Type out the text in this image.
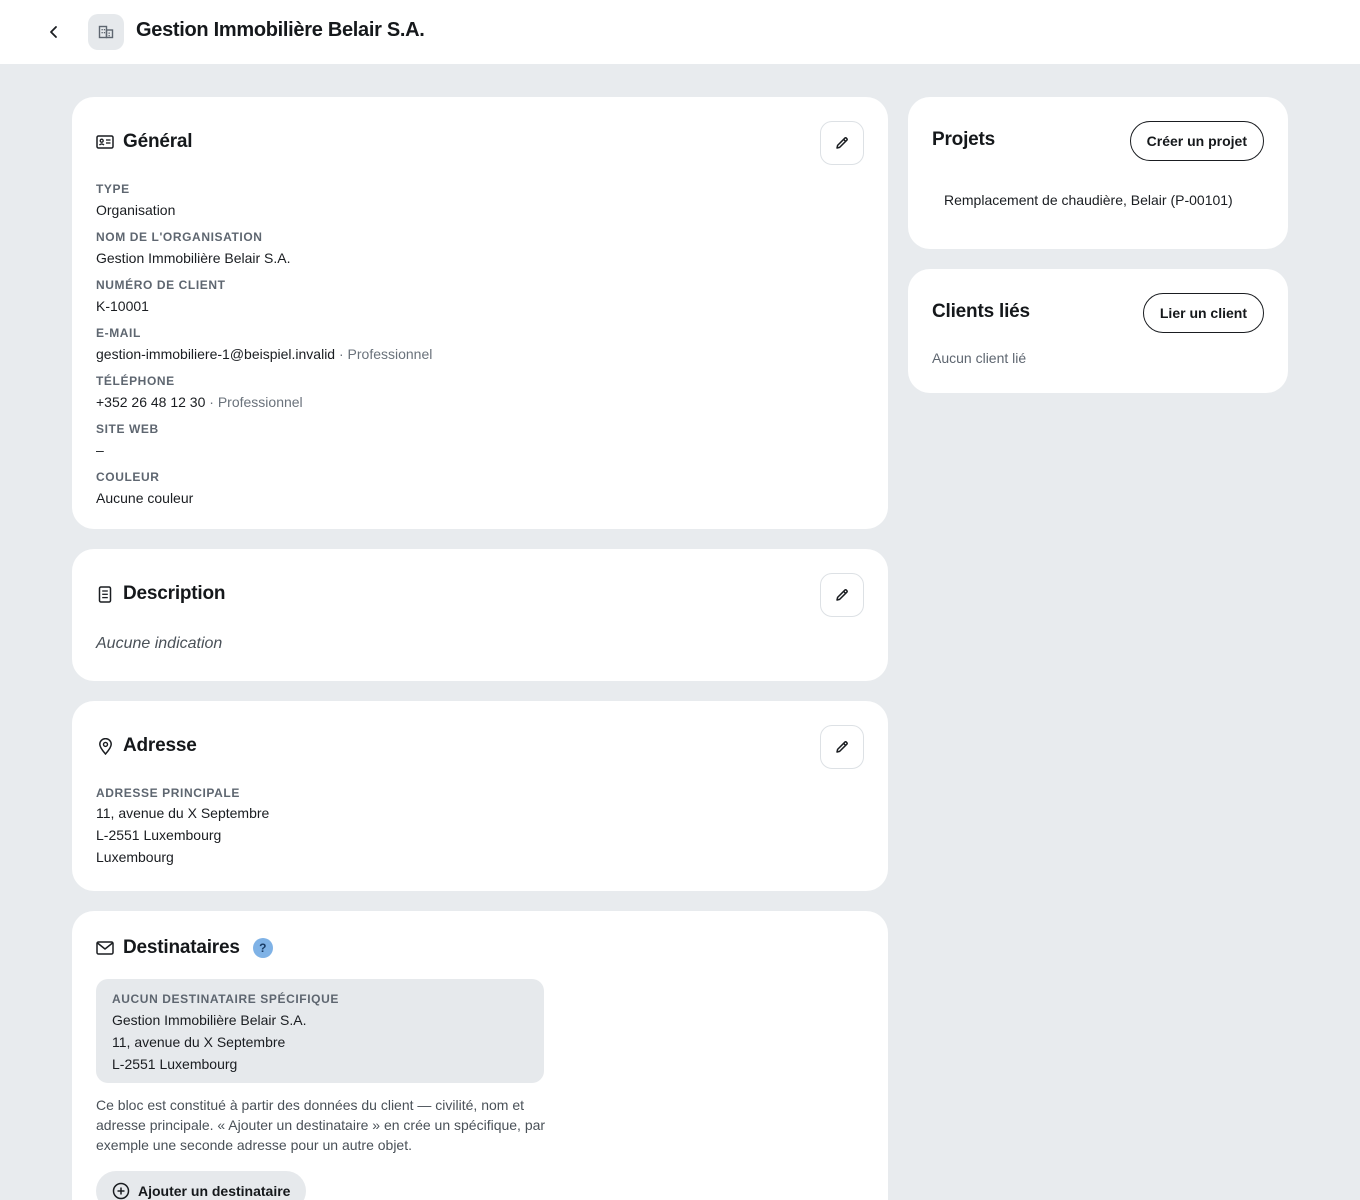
Gestion Immobilière Belair S.A.
Général
TYPE
Organisation
NOM DE L'ORGANISATION
Gestion Immobilière Belair S.A.
NUMÉRO DE CLIENT
K-10001
E-MAIL
gestion-immobiliere-1@beispiel.invalid · Professionnel
TÉLÉPHONE
+352 26 48 12 30 · Professionnel
SITE WEB
–
COULEUR
Aucune couleur
Description
Aucune indication
Adresse
ADRESSE PRINCIPALE
11, avenue du X Septembre
L-2551 Luxembourg
Luxembourg
Destinataires	?
AUCUN DESTINATAIRE SPÉCIFIQUE
Gestion Immobilière Belair S.A.
11, avenue du X Septembre
L-2551 Luxembourg
Ce bloc est constitué à partir des données du client — civilité, nom et adresse principale. « Ajouter un destinataire » en crée un spécifique, par exemple une seconde adresse pour un autre objet.
Ajouter un destinataire
Projets	Créer un projet
Remplacement de chaudière, Belair (P-00101)
Clients liés	Lier un client
Aucun client lié
